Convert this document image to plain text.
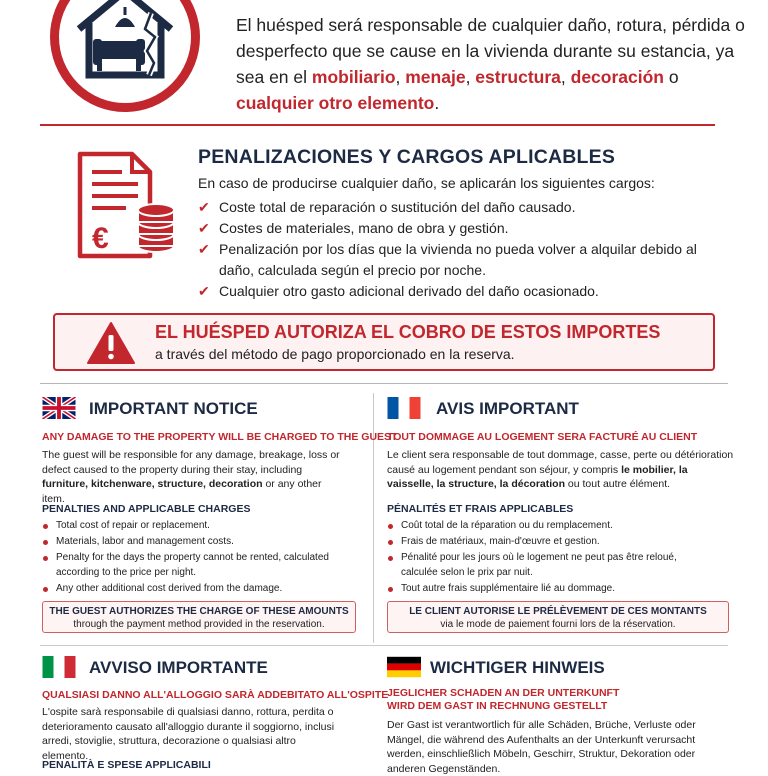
El huésped será responsable de cualquier daño, rotura, pérdida o desperfecto que se cause en la vivienda durante su estancia, ya sea en el mobiliario, menaje, estructura, decoración o cualquier otro elemento.
€
PENALIZACIONES Y CARGOS APLICABLES
En caso de producirse cualquier daño, se aplicarán los siguientes cargos:
✔ Coste total de reparación o sustitución del daño causado.
✔ Costes de materiales, mano de obra y gestión.
✔ Penalización por los días que la vivienda no pueda volver a alquilar debido al daño, calculada según el precio por noche.
✔ Cualquier otro gasto adicional derivado del daño ocasionado.
EL HUÉSPED AUTORIZA EL COBRO DE ESTOS IMPORTES
a través del método de pago proporcionado en la reserva.
IMPORTANT NOTICE
ANY DAMAGE TO THE PROPERTY WILL BE CHARGED TO THE GUEST
The guest will be responsible for any damage, breakage, loss or defect caused to the property during their stay, including furniture, kitchenware, structure, decoration or any other item.
PENALTIES AND APPLICABLE CHARGES
Total cost of repair or replacement.
Materials, labor and management costs.
Penalty for the days the property cannot be rented, calculated according to the price per night.
Any other additional cost derived from the damage.
THE GUEST AUTHORIZES THE CHARGE OF THESE AMOUNTS
through the payment method provided in the reservation.
AVIS IMPORTANT
TOUT DOMMAGE AU LOGEMENT SERA FACTURÉ AU CLIENT
Le client sera responsable de tout dommage, casse, perte ou détérioration causé au logement pendant son séjour, y compris le mobilier, la vaisselle, la structure, la décoration ou tout autre élément.
PÉNALITÉS ET FRAIS APPLICABLES
Coût total de la réparation ou du remplacement.
Frais de matériaux, main-d'œuvre et gestion.
Pénalité pour les jours où le logement ne peut pas être reloué, calculée selon le prix par nuit.
Tout autre frais supplémentaire lié au dommage.
LE CLIENT AUTORISE LE PRÉLÈVEMENT DE CES MONTANTS
via le mode de paiement fourni lors de la réservation.
AVVISO IMPORTANTE
QUALSIASI DANNO ALL'ALLOGGIO SARÀ ADDEBITATO ALL'OSPITE
L'ospite sarà responsabile di qualsiasi danno, rottura, perdita o deterioramento causato all'alloggio durante il soggiorno, inclusi arredi, stoviglie, struttura, decorazione o qualsiasi altro elemento.
PENALITÀ E SPESE APPLICABILI
WICHTIGER HINWEIS
JEGLICHER SCHADEN AN DER UNTERKUNFT
WIRD DEM GAST IN RECHNUNG GESTELLT
Der Gast ist verantwortlich für alle Schäden, Brüche, Verluste oder Mängel, die während des Aufenthalts an der Unterkunft verursacht werden, einschließlich Möbeln, Geschirr, Struktur, Dekoration oder anderen Gegenständen.
